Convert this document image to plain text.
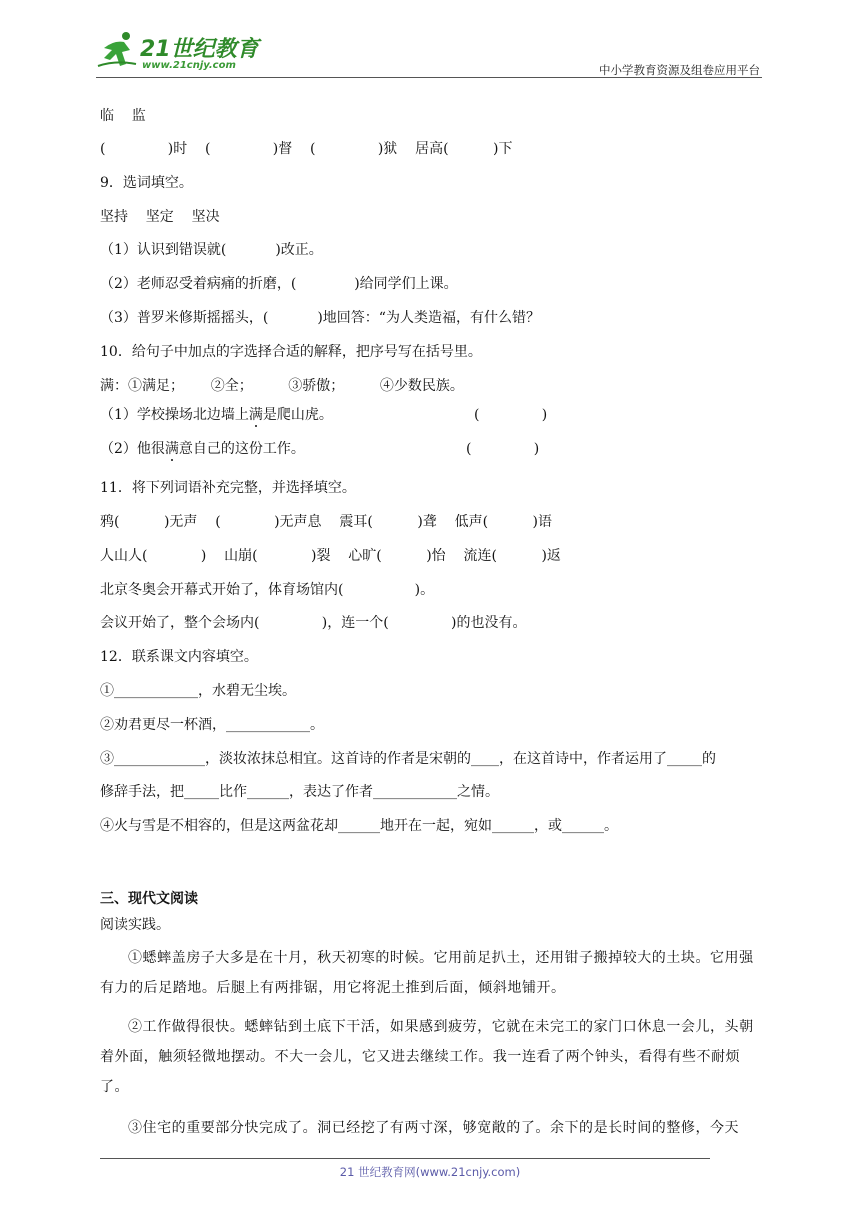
21世纪教育
www.21cnjy.com	中小学教育资源及组卷应用平台
临    监
(              )时    (              )督    (              )狱    居高(          )下
9．选词填空。
坚持    坚定    坚决
（1）认识到错误就(           )改正。
（2）老师忍受着病痛的折磨，(             )给同学们上课。
（3）普罗米修斯摇摇头，(           )地回答：“为人类造福，有什么错？
10．给句子中加点的字选择合适的解释，把序号写在括号里。
满：①满足；      ②全；        ③骄傲；        ④少数民族。
（1）学校操场北边墙上满是爬山虎。	(              )
（2）他很满意自己的这份工作。	(              )
11．将下列词语补充完整，并选择填空。
鸦(          )无声    (            )无声息    震耳(          )聋    低声(          )语
人山人(            )    山崩(            )裂    心旷(          )怡    流连(          )返
北京冬奥会开幕式开始了，体育场馆内(                )。
会议开始了，整个会场内(              )，连一个(              )的也没有。
12．联系课文内容填空。
①____________，水碧无尘埃。
②劝君更尽一杯酒，____________。
③_____________，淡妆浓抹总相宜。这首诗的作者是宋朝的____，在这首诗中，作者运用了_____的
修辞手法，把_____比作______，表达了作者____________之情。
④火与雪是不相容的，但是这两盆花却______地开在一起，宛如______，或______。
三、现代文阅读
阅读实践。
①蟋蟀盖房子大多是在十月，秋天初寒的时候。它用前足扒土，还用钳子搬掉较大的土块。它用强有力的后足踏地。后腿上有两排锯，用它将泥土推到后面，倾斜地铺开。
②工作做得很快。蟋蟀钻到土底下干活，如果感到疲劳，它就在未完工的家门口休息一会儿，头朝着外面，触须轻微地摆动。不大一会儿，它又进去继续工作。我一连看了两个钟头，看得有些不耐烦了。
③住宅的重要部分快完成了。洞已经挖了有两寸深，够宽敞的了。余下的是长时间的整修，今天
21 世纪教育网(www.21cnjy.com)
